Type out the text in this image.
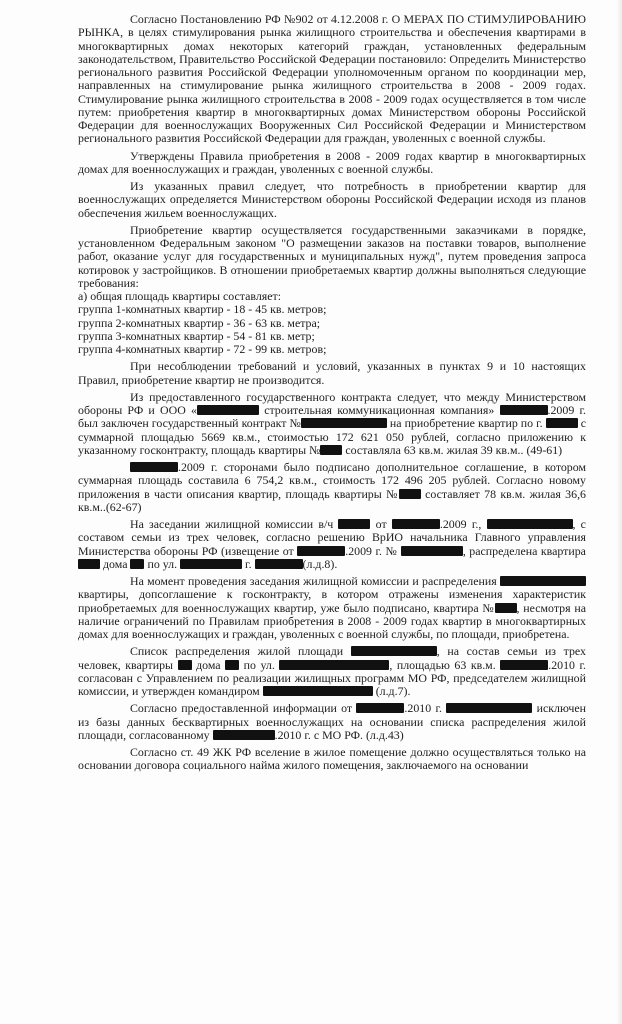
Согласно Постановлению РФ №902 от 4.12.2008 г. О МЕРАХ ПО СТИМУЛИРОВАНИЮ РЫНКА, в целях стимулирования рынка жилищного строительства и обеспечения квартирами в многоквартирных домах некоторых категорий граждан, установленных федеральным законодательством, Правительство Российской Федерации постановило: Определить Министерство регионального развития Российской Федерации уполномоченным органом по координации мер, направленных на стимулирование рынка жилищного строительства в 2008 - 2009 годах. Стимулирование рынка жилищного строительства в 2008 - 2009 годах осуществляется в том числе путем: приобретения квартир в многоквартирных домах Министерством обороны Российской Федерации для военнослужащих Вооруженных Сил Российской Федерации и Министерством регионального развития Российской Федерации для граждан, уволенных с военной службы.

Утверждены Правила приобретения в 2008 - 2009 годах квартир в многоквартирных домах для военнослужащих и граждан, уволенных с военной службы.

Из указанных правил следует, что потребность в приобретении квартир для военнослужащих определяется Министерством обороны Российской Федерации исходя из планов обеспечения жильем военнослужащих.

Приобретение квартир осуществляется государственными заказчиками в порядке, установленном Федеральным законом "О размещении заказов на поставки товаров, выполнение работ, оказание услуг для государственных и муниципальных нужд", путем проведения запроса котировок у застройщиков. В отношении приобретаемых квартир должны выполняться следующие требования:

а) общая площадь квартиры составляет:
группа 1-комнатных квартир - 18 - 45 кв. метров;
группа 2-комнатных квартир - 36 - 63 кв. метра;
группа 3-комнатных квартир - 54 - 81 кв. метр;
группа 4-комнатных квартир - 72 - 99 кв. метров;

При несоблюдении требований и условий, указанных в пунктах 9 и 10 настоящих Правил, приобретение квартир не производится.

Из предоставленного государственного контракта следует, что между Министерством обороны РФ и ООО «	строительная коммуникационная компания»	.2009 г. был заключен государственный контракт №	на приобретение квартир по г.	с суммарной площадью 5669 кв.м., стоимостью 172 621 050 рублей, согласно приложению к указанному госконтракту, площадь квартиры № составляла 63 кв.м. жилая 39 кв.м.. (49-61)

.2009 г. сторонами было подписано дополнительное соглашение, в котором суммарная площадь составила 6 754,2 кв.м., стоимость 172 496 205 рублей. Согласно новому приложения в части описания квартир, площадь квартиры № составляет 78 кв.м. жилая 36,6 кв.м..(62-67)

На заседании жилищной комиссии в/ч	от	.2009 г.,	, с составом семьи из трех человек, согласно решению ВрИО начальника Главного управления Министерства обороны РФ (извещение от	.2009 г. №	, распределена квартира  дома по ул.	г.	(л.д.8).

На момент проведения заседания жилищной комиссии и распределения  квартиры, допсоглашение к госконтракту, в котором отражены изменения характеристик приобретаемых для военнослужащих квартир, уже было подписано, квартира № , несмотря на наличие ограничений по Правилам приобретения в 2008 - 2009 годах квартир в многоквартирных домах для военнослужащих и граждан, уволенных с военной службы, по площади, приобретена.

Список распределения жилой площади	, на состав семьи из трех человек, квартиры дома по ул.	, площадью 63 кв.м.	.2010 г. согласован с Управлением по реализации жилищных программ МО РФ, председателем жилищной комиссии, и утвержден командиром	(л.д.7).

Согласно предоставленной информации от	.2010 г.	исключен из базы данных бесквартирных военнослужащих на основании списка распределения жилой площади, согласованному	.2010 г. с МО РФ. (л.д.43)

Согласно ст. 49 ЖК РФ вселение в жилое помещение должно осуществляться только на основании договора социального найма жилого помещения, заключаемого на основании
